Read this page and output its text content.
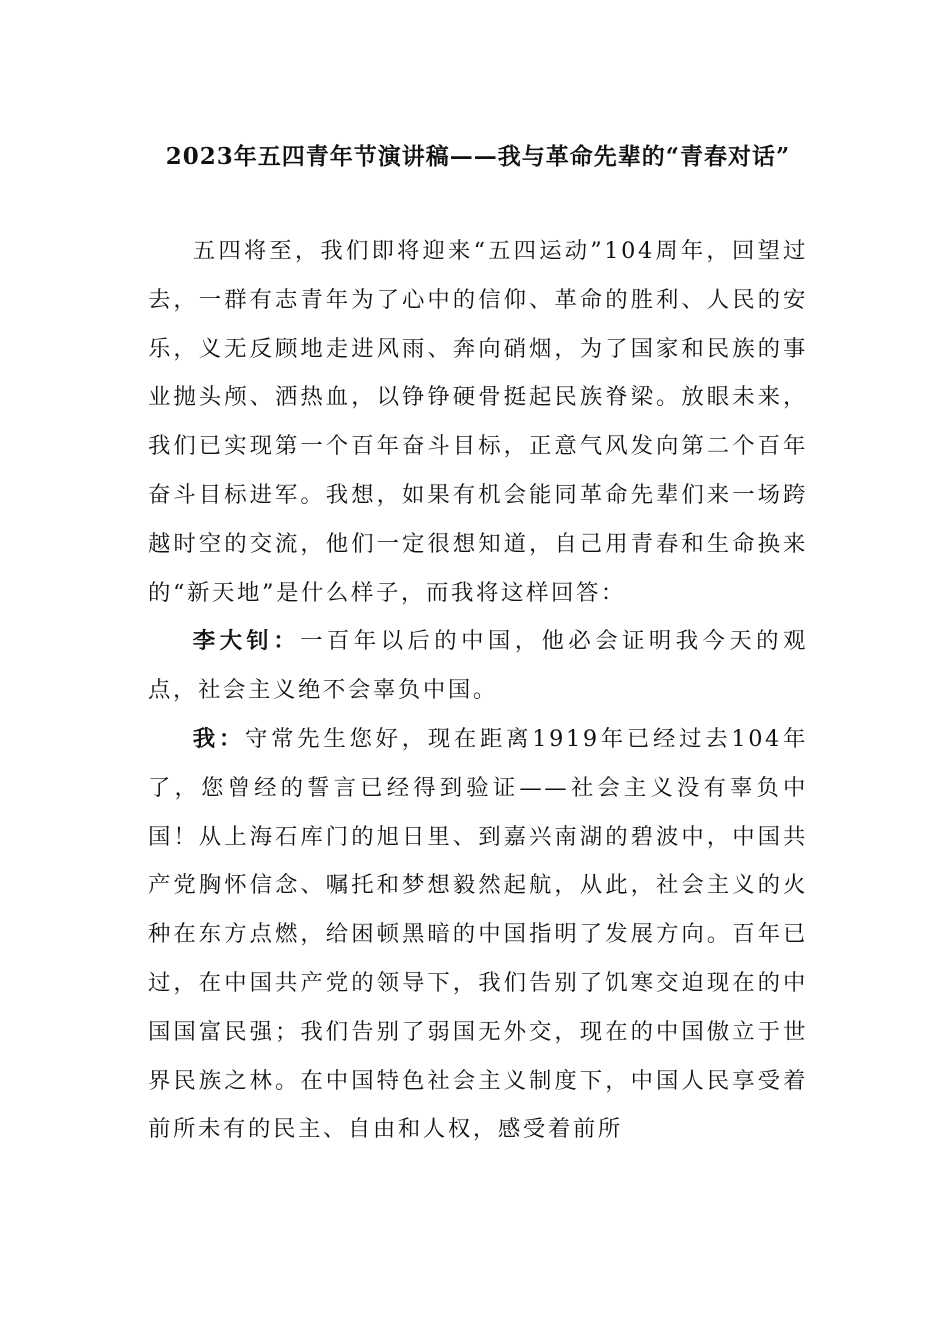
2023年五四青年节演讲稿——我与革命先辈的“青春对话”

五四将至，我们即将迎来“五四运动”104周年，回望过去，一群有志青年为了心中的信仰、革命的胜利、人民的安乐，义无反顾地走进风雨、奔向硝烟，为了国家和民族的事业抛头颅、洒热血，以铮铮硬骨挺起民族脊梁。放眼未来，我们已实现第一个百年奋斗目标，正意气风发向第二个百年奋斗目标进军。我想，如果有机会能同革命先辈们来一场跨越时空的交流，他们一定很想知道，自己用青春和生命换来的“新天地”是什么样子，而我将这样回答：

李大钊：一百年以后的中国，他必会证明我今天的观点，社会主义绝不会辜负中国。

我：守常先生您好，现在距离1919年已经过去104年了，您曾经的誓言已经得到验证——社会主义没有辜负中国！从上海石库门的旭日里、到嘉兴南湖的碧波中，中国共产党胸怀信念、嘱托和梦想毅然起航，从此，社会主义的火种在东方点燃，给困顿黑暗的中国指明了发展方向。百年已过，在中国共产党的领导下，我们告别了饥寒交迫现在的中国国富民强；我们告别了弱国无外交，现在的中国傲立于世界民族之林。在中国特色社会主义制度下，中国人民享受着前所未有的民主、自由和人权，感受着前所
